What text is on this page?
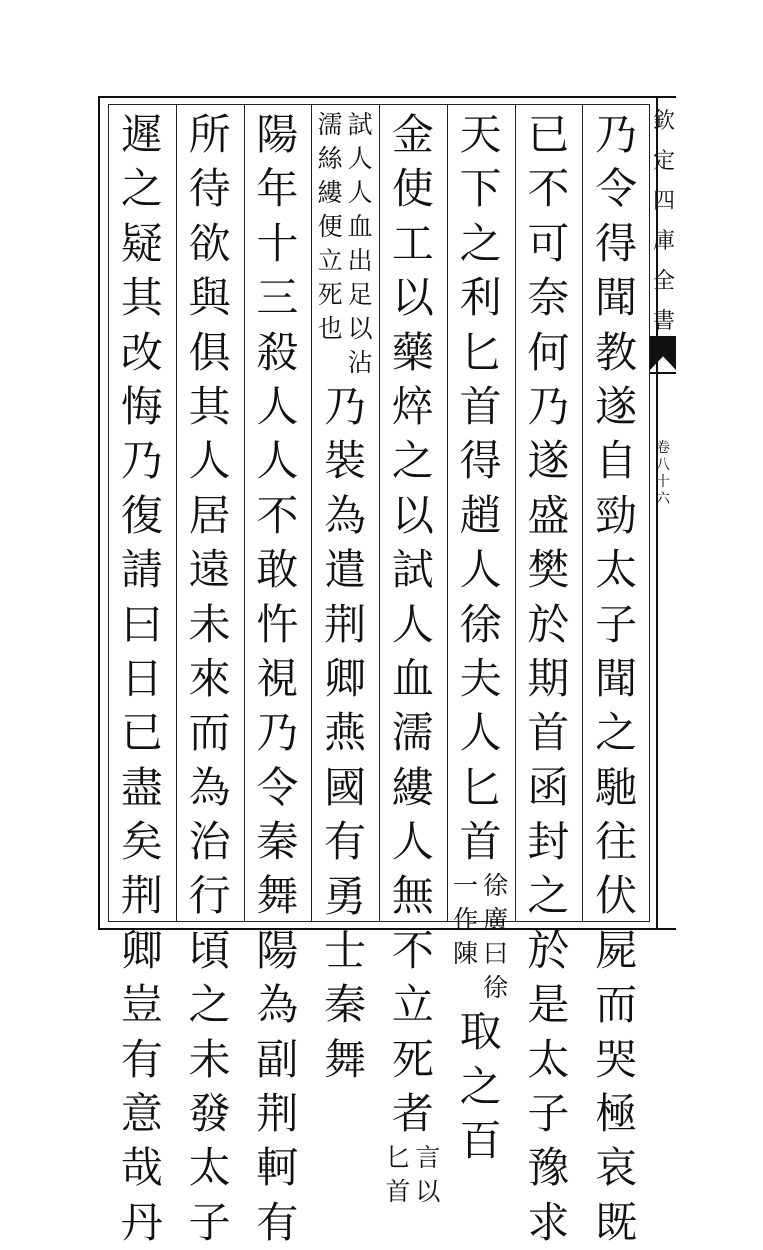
欽
定
四
庫
全
書
卷
八
十
六
乃
令
得
聞
教
遂
自
勁
太
子
聞
之
馳
往
伏
屍
而
哭
極
哀
既
已
不
可
奈
何
乃
遂
盛
樊
於
期
首
函
封
之
於
是
太
子
豫
求
天
下
之
利
匕
首
得
趙
人
徐
夫
人
匕
首
徐
廣
曰
徐
一
作
陳
取
之
百
金
使
工
以
藥
焠
之
以
試
人
血
濡
縷
人
無
不
立
死
者
言
以
匕
首
試
人
人
血
出
足
以
沾
濡
絲
縷
便
立
死
也
乃
裝
為
遣
荆
卿
燕
國
有
勇
士
秦
舞
陽
年
十
三
殺
人
人
不
敢
忤
視
乃
令
秦
舞
陽
為
副
荆
軻
有
所
待
欲
與
俱
其
人
居
遠
未
來
而
為
治
行
頃
之
未
發
太
子
遲
之
疑
其
改
悔
乃
復
請
曰
日
已
盡
矣
荆
卿
豈
有
意
哉
丹
